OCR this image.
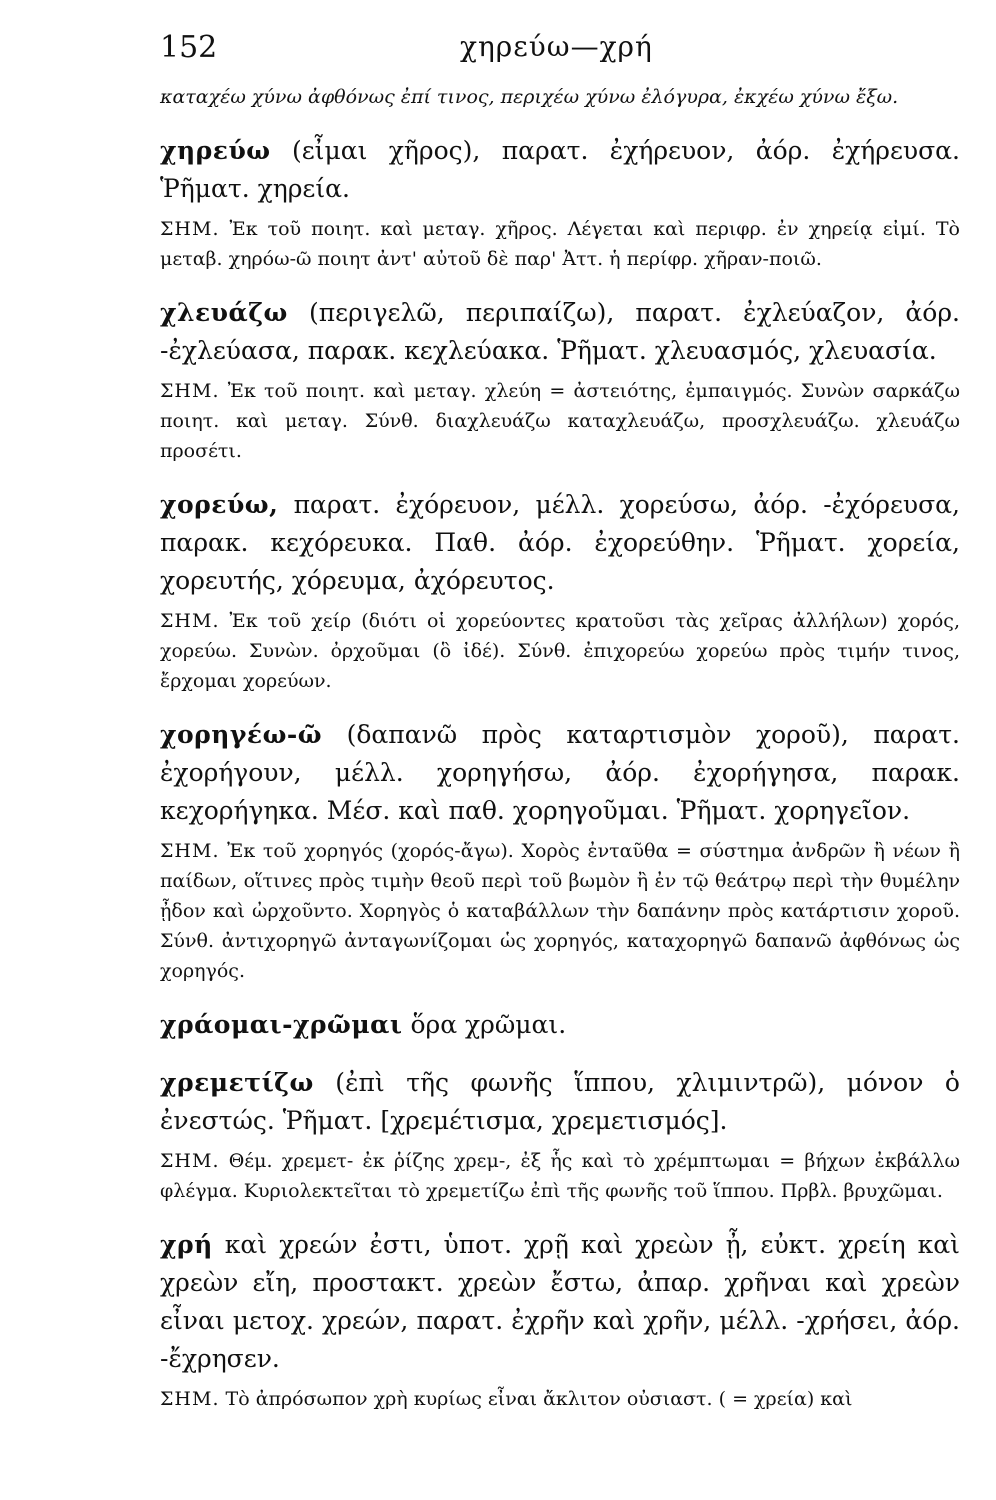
152	χηρεύω—χρή

καταχέω χύνω ἀφθόνως ἐπί τινος, περιχέω χύνω ἐλόγυρα, ἐκχέω χύνω ἔξω.

χηρεύω (εἶμαι χῆρος), παρατ. ἐχήρευον, ἀόρ. ἐχήρευσα. Ῥῆματ. χηρεία.

ΣΗΜ. Ἐκ τοῦ ποιητ. καὶ μεταγ. χῆρος. Λέγεται καὶ περιφρ. ἐν χηρείᾳ εἰμί. Τὸ μεταβ. χηρόω-ῶ ποιητ ἀντ' αὐτοῦ δὲ παρ' Ἀττ. ἡ περίφρ. χῆραν-ποιῶ.

χλευάζω (περιγελῶ, περιπαίζω), παρατ. ἐχλεύαζον, ἀόρ. -ἐχλεύασα, παρακ. κεχλεύακα. Ῥῆματ. χλευασμός, χλευασία.

ΣΗΜ. Ἐκ τοῦ ποιητ. καὶ μεταγ. χλεύη = ἀστειότης, ἐμπαιγμός. Συνὼν σαρκάζω ποιητ. καὶ μεταγ. Σύνθ. διαχλευάζω καταχλευάζω, προσχλευάζω. χλευάζω προσέτι.

χορεύω, παρατ. ἐχόρευον, μέλλ. χορεύσω, ἀόρ. -ἐχόρευσα, παρακ. κεχόρευκα. Παθ. ἀόρ. ἐχορεύθην. Ῥῆματ. χορεία, χορευτής, χόρευμα, ἀχόρευτος.

ΣΗΜ. Ἐκ τοῦ χείρ (διότι οἱ χορεύοντες κρατοῦσι τὰς χεῖρας ἀλλήλων) χορός, χορεύω. Συνὼν. ὀρχοῦμαι (ὃ ἰδέ). Σύνθ. ἐπιχορεύω χορεύω πρὸς τιμήν τινος, ἔρχομαι χορεύων.

χορηγέω-ῶ (δαπανῶ πρὸς καταρτισμὸν χοροῦ), παρατ. ἐχορήγουν, μέλλ. χορηγήσω, ἀόρ. ἐχορήγησα, παρακ. κεχορήγηκα. Μέσ. καὶ παθ. χορηγοῦμαι. Ῥῆματ. χορηγεῖον.

ΣΗΜ. Ἐκ τοῦ χορηγός (χορός-ἄγω). Χορὸς ἐνταῦθα = σύστημα ἀνδρῶν ἢ νέων ἢ παίδων, οἵτινες πρὸς τιμὴν θεοῦ περὶ τοῦ βωμὸν ἢ ἐν τῷ θεάτρῳ περὶ τὴν θυμέλην ᾖδον καὶ ὠρχοῦντο. Χορηγὸς ὁ καταβάλλων τὴν δαπάνην πρὸς κατάρτισιν χοροῦ. Σύνθ. ἀντιχορηγῶ ἀνταγωνίζομαι ὡς χορηγός, καταχορηγῶ δαπανῶ ἀφθόνως ὡς χορηγός.

χράομαι-χρῶμαι ὅρα χρῶμαι.

χρεμετίζω (ἐπὶ τῆς φωνῆς ἵππου, χλιμιντρῶ), μόνον ὁ ἐνεστώς. Ῥῆματ. [χρεμέτισμα, χρεμετισμός].

ΣΗΜ. Θέμ. χρεμετ- ἐκ ῥίζης χρεμ-, ἐξ ἧς καὶ τὸ χρέμπτωμαι = βήχων ἐκβάλλω φλέγμα. Κυριολεκτεῖται τὸ χρεμετίζω ἐπὶ τῆς φωνῆς τοῦ ἵππου. Πρβλ. βρυχῶμαι.

χρή καὶ χρεών ἐστι, ὑποτ. χρῇ καὶ χρεὼν ᾖ, εὐκτ. χρείη καὶ χρεὼν εἴη, προστακτ. χρεὼν ἔστω, ἀπαρ. χρῆναι καὶ χρεὼν εἶναι μετοχ. χρεών, παρατ. ἐχρῆν καὶ χρῆν, μέλλ. -χρήσει, ἀόρ. -ἔχρησεν.

ΣΗΜ. Τὸ ἀπρόσωπον χρὴ κυρίως εἶναι ἄκλιτον οὐσιαστ. ( = χρεία) καὶ
